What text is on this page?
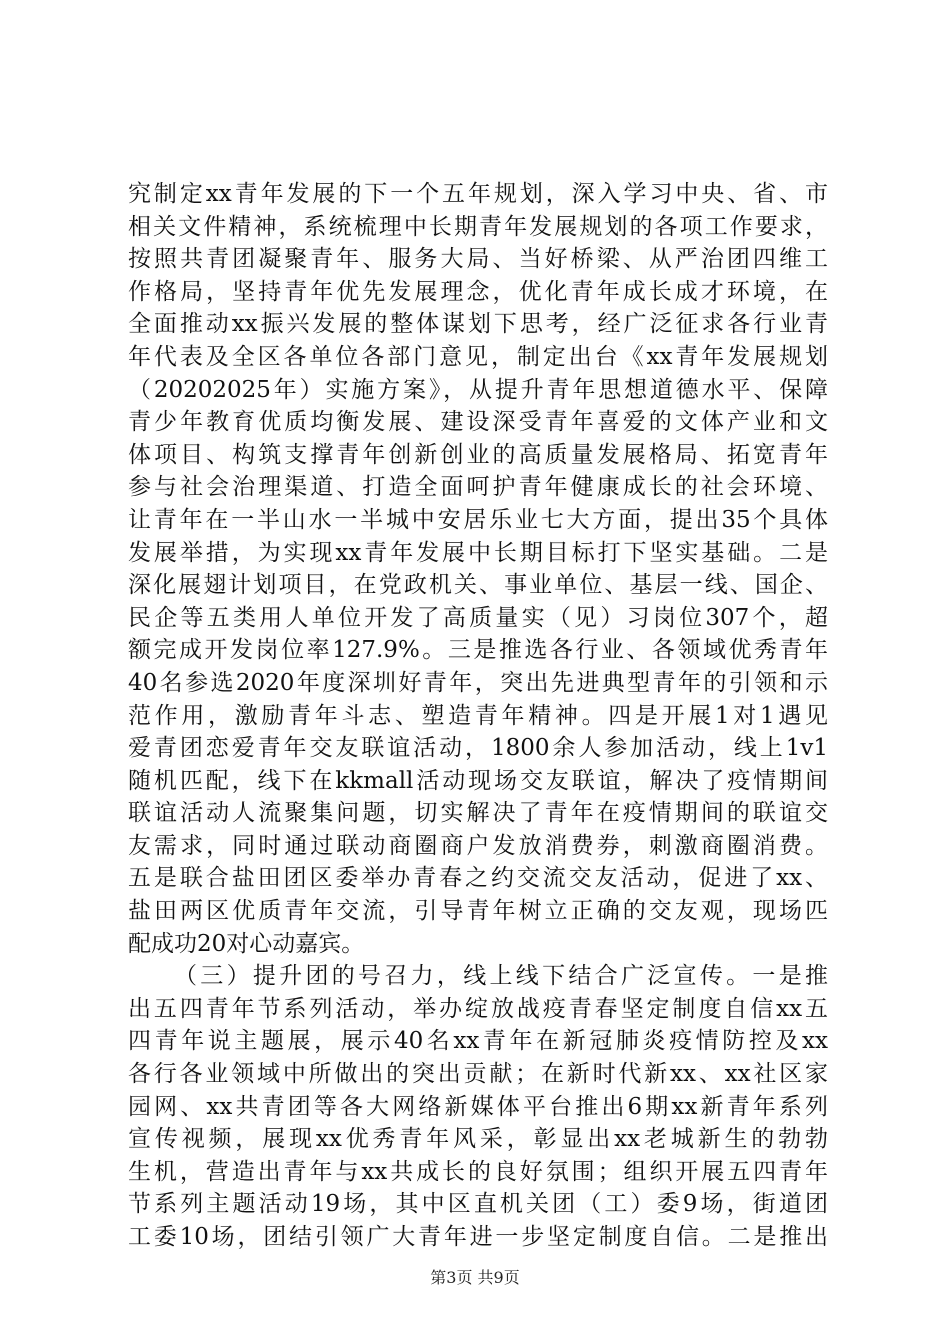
究制定xx青年发展的下一个五年规划，深入学习中央、省、市
相关文件精神，系统梳理中长期青年发展规划的各项工作要求，
按照共青团凝聚青年、服务大局、当好桥梁、从严治团四维工
作格局，坚持青年优先发展理念，优化青年成长成才环境，在
全面推动xx振兴发展的整体谋划下思考，经广泛征求各行业青
年代表及全区各单位各部门意见，制定出台《xx青年发展规划
（20202025年）实施方案》，从提升青年思想道德水平、保障
青少年教育优质均衡发展、建设深受青年喜爱的文体产业和文
体项目、构筑支撑青年创新创业的高质量发展格局、拓宽青年
参与社会治理渠道、打造全面呵护青年健康成长的社会环境、
让青年在一半山水一半城中安居乐业七大方面，提出35个具体
发展举措，为实现xx青年发展中长期目标打下坚实基础。二是
深化展翅计划项目，在党政机关、事业单位、基层一线、国企、
民企等五类用人单位开发了高质量实（见）习岗位307个，超
额完成开发岗位率127.9%。三是推选各行业、各领域优秀青年
40名参选2020年度深圳好青年，突出先进典型青年的引领和示
范作用，激励青年斗志、塑造青年精神。四是开展1对1遇见
爱青团恋爱青年交友联谊活动，1800余人参加活动，线上1v1
随机匹配，线下在kkmall活动现场交友联谊，解决了疫情期间
联谊活动人流聚集问题，切实解决了青年在疫情期间的联谊交
友需求，同时通过联动商圈商户发放消费券，刺激商圈消费。
五是联合盐田团区委举办青春之约交流交友活动，促进了xx、
盐田两区优质青年交流，引导青年树立正确的交友观，现场匹
配成功20对心动嘉宾。
（三）提升团的号召力，线上线下结合广泛宣传。一是推
出五四青年节系列活动，举办绽放战疫青春坚定制度自信xx五
四青年说主题展，展示40名xx青年在新冠肺炎疫情防控及xx
各行各业领域中所做出的突出贡献；在新时代新xx、xx社区家
园网、xx共青团等各大网络新媒体平台推出6期xx新青年系列
宣传视频，展现xx优秀青年风采，彰显出xx老城新生的勃勃
生机，营造出青年与xx共成长的良好氛围；组织开展五四青年
节系列主题活动19场，其中区直机关团（工）委9场，街道团
工委10场，团结引领广大青年进一步坚定制度自信。二是推出
第3页 共9页
